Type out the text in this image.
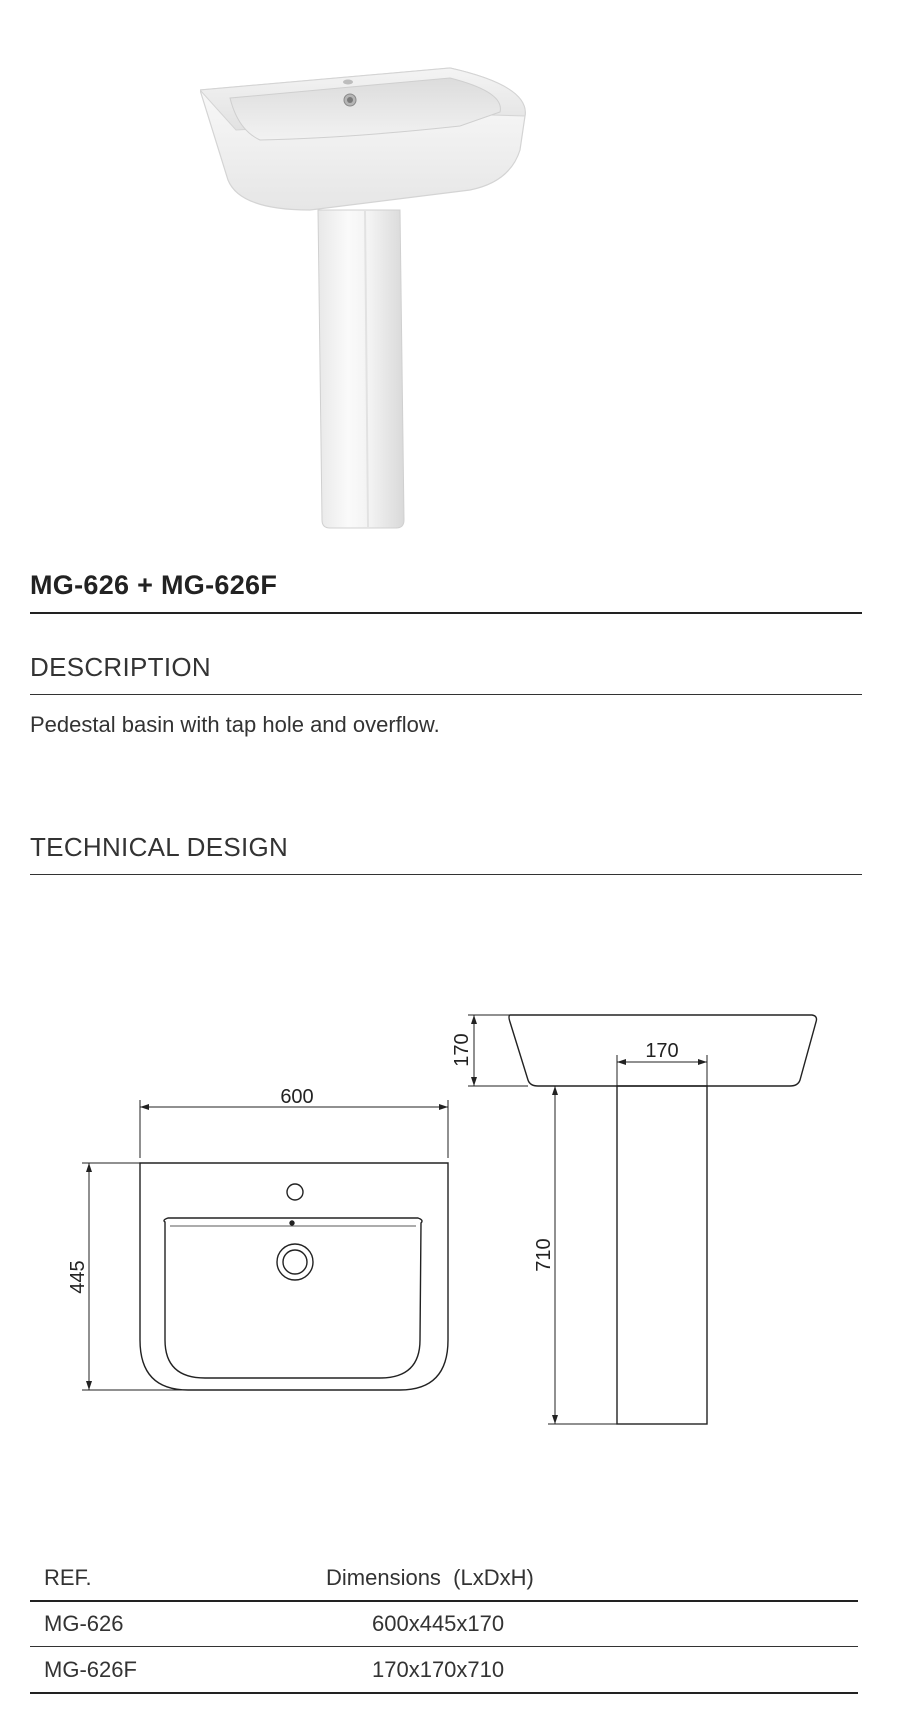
MG-626 + MG-626F
DESCRIPTION
Pedestal basin with tap hole and overflow.
TECHNICAL DESIGN
600
445
170	170
710
REF.	Dimensions  (LxDxH)
MG-626	600x445x170
MG-626F	170x170x710
